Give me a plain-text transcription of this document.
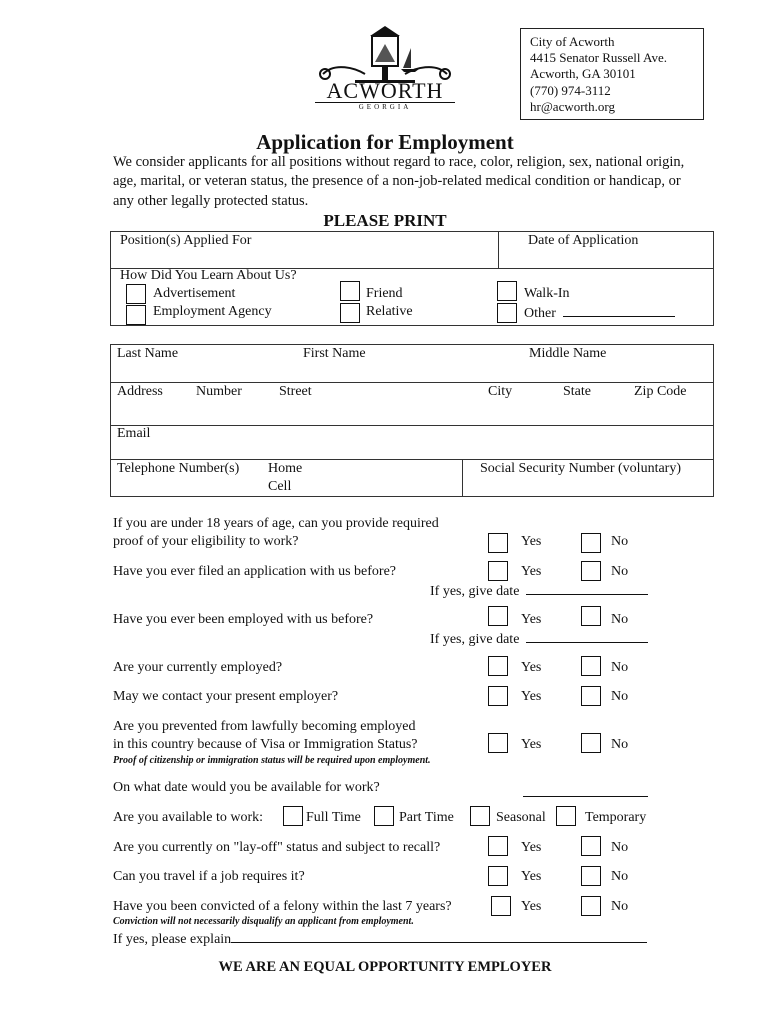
ACWORTH
GEORGIA
City of Acworth
4415 Senator Russell Ave.
Acworth, GA 30101
(770) 974-3112
hr@acworth.org
Application for Employment
We consider applicants for all positions without regard to race, color, religion, sex, national origin,
age, marital, or veteran status, the presence of a non-job-related medical condition or handicap, or
any other legally protected status.
PLEASE PRINT
Position(s) Applied For	Date of Application
How Did You Learn About Us?
Advertisement
Employment Agency
Friend
Relative
Walk-In
Other
Last Name	First Name	Middle Name
Address Number	Street	City	State	Zip Code
Email
Telephone Number(s) Home
Cell
Social Security Number (voluntary)
If you are under 18 years of age, can you provide required
proof of your eligibility to work?	Yes	No
Have you ever filed an application with us before?	Yes	No
If yes, give date
Have you ever been employed with us before?	Yes	No
If yes, give date
Are your currently employed?	Yes	No
May we contact your present employer?	Yes	No
Are you prevented from lawfully becoming employed
in this country because of Visa or Immigration Status?
Proof of citizenship or immigration status will be required upon employment.
Yes	No
On what date would you be available for work?
Are you available to work:	Full Time	Part Time	Seasonal	Temporary
Are you currently on "lay-off" status and subject to recall?	Yes	No
Can you travel if a job requires it?	Yes	No
Have you been convicted of a felony within the last 7 years?
Conviction will not necessarily disqualify an applicant from employment.
Yes	No
If yes, please explain
WE ARE AN EQUAL OPPORTUNITY EMPLOYER
